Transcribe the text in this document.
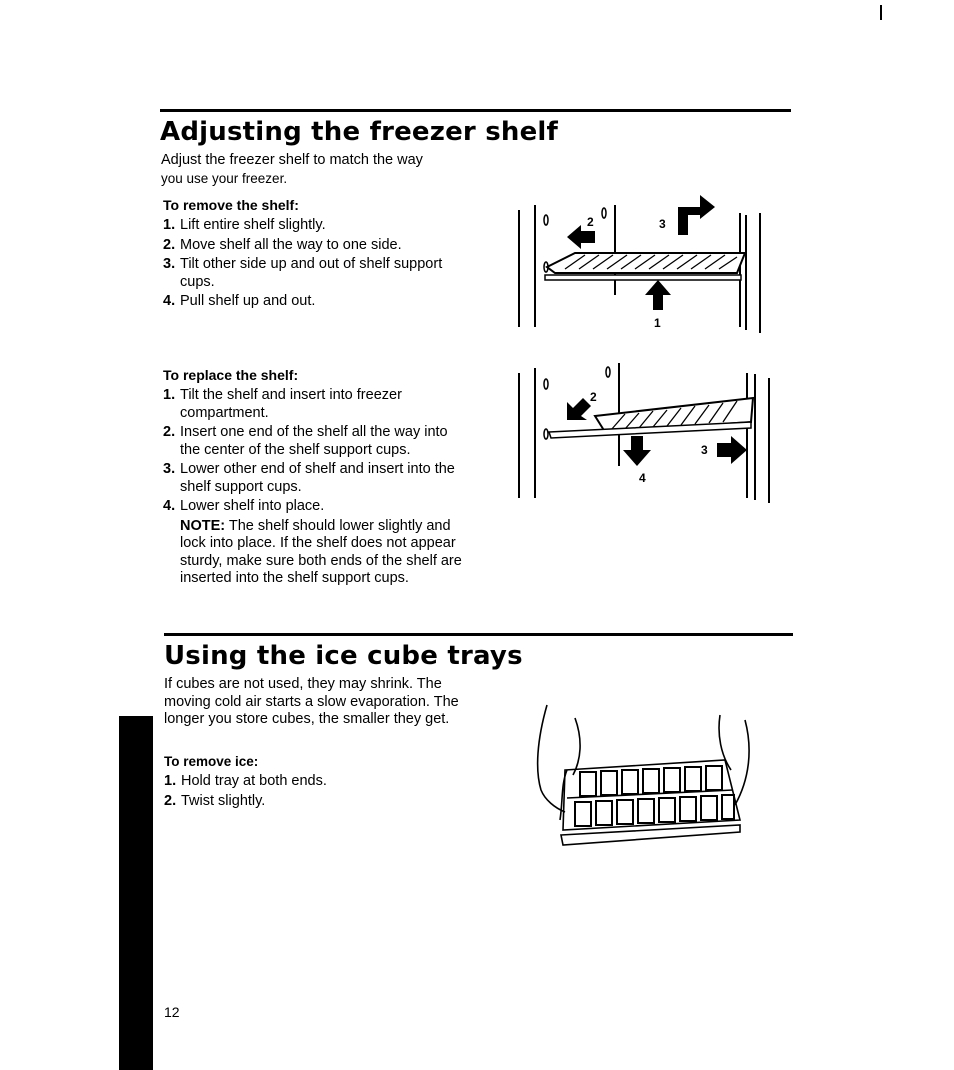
Adjusting the freezer shelf
Adjust the freezer shelf to match the way
you use your freezer.
To remove the shelf:
1. Lift entire shelf slightly.
2. Move shelf all the way to one side.
3. Tilt other side up and out of shelf support cups.
4. Pull shelf up and out.
To replace the shelf:
1. Tilt the shelf and insert into freezer compartment.
2. Insert one end of the shelf all the way into the center of the shelf support cups.
3. Lower other end of shelf and insert into the shelf support cups.
4. Lower shelf into place.
NOTE: The shelf should lower slightly and lock into place. If the shelf does not appear sturdy, make sure both ends of the shelf are inserted into the shelf support cups.
2	3
1
2
3
4
Using the ice cube trays
If cubes are not used, they may shrink. The moving cold air starts a slow evaporation. The longer you store cubes, the smaller they get.
To remove ice:
1. Hold tray at both ends.
2. Twist slightly.
12
